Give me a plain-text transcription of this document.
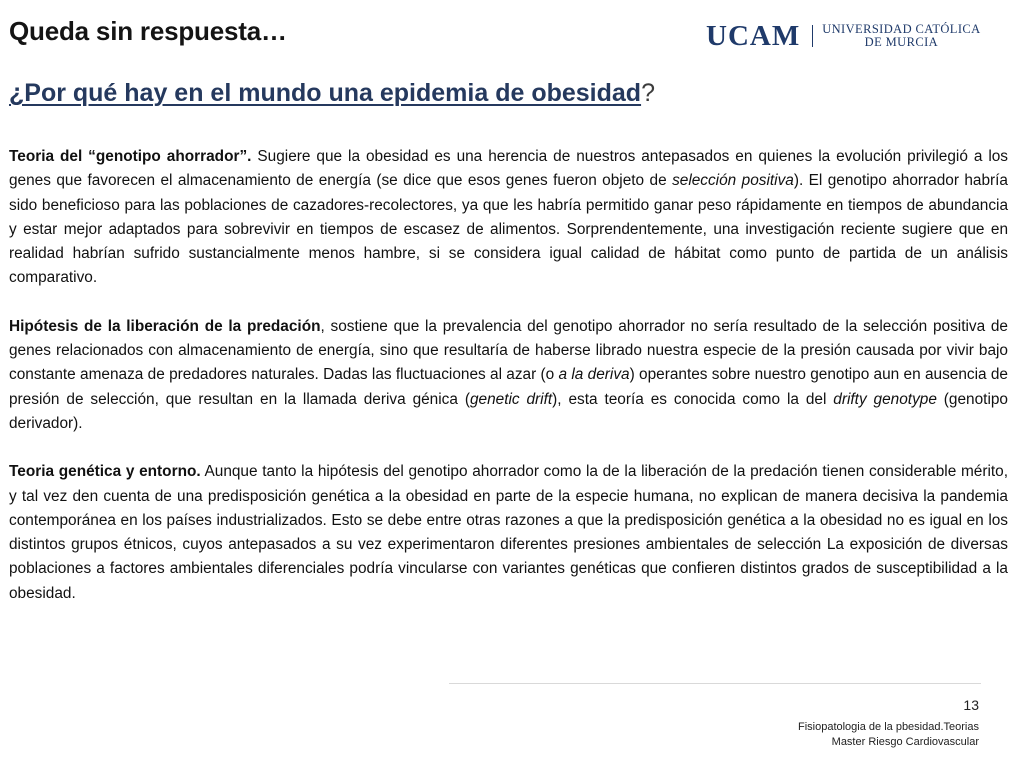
Queda sin respuesta…	UCAM UNIVERSIDAD CATÓLICA
DE MURCIA
¿Por qué hay en el mundo una epidemia de obesidad?

Teoria del “genotipo ahorrador”. Sugiere que la obesidad es una herencia de nuestros antepasados en quienes la evolución privilegió a los genes que favorecen el almacenamiento de energía (se dice que esos genes fueron objeto de selección positiva). El genotipo ahorrador habría sido beneficioso para las poblaciones de cazadores-recolectores, ya que les habría permitido ganar peso rápidamente en tiempos de abundancia y estar mejor adaptados para sobrevivir en tiempos de escasez de alimentos. Sorprendentemente, una investigación reciente sugiere que en realidad habrían sufrido sustancialmente menos hambre, si se considera igual calidad de hábitat como punto de partida de un análisis comparativo.

Hipótesis de la liberación de la predación, sostiene que la prevalencia del genotipo ahorrador no sería resultado de la selección positiva de genes relacionados con almacenamiento de energía, sino que resultaría de haberse librado nuestra especie de la presión causada por vivir bajo constante amenaza de predadores naturales. Dadas las fluctuaciones al azar (o a la deriva) operantes sobre nuestro genotipo aun en ausencia de presión de selección, que resultan en la llamada deriva génica (genetic drift), esta teoría es conocida como la del drifty genotype (genotipo derivador).

Teoria genética y entorno. Aunque tanto la hipótesis del genotipo ahorrador como la de la liberación de la predación tienen considerable mérito, y tal vez den cuenta de una predisposición genética a la obesidad en parte de la especie humana, no explican de manera decisiva la pandemia contemporánea en los países industrializados. Esto se debe entre otras razones a que la predisposición genética a la obesidad no es igual en los distintos grupos étnicos, cuyos antepasados a su vez experimentaron diferentes presiones ambientales de selección La exposición de diversas poblaciones a factores ambientales diferenciales podría vincularse con variantes genéticas que confieren distintos grados de susceptibilidad a la obesidad.

13
Fisiopatologia de la pbesidad.Teorias
Master Riesgo Cardiovascular
